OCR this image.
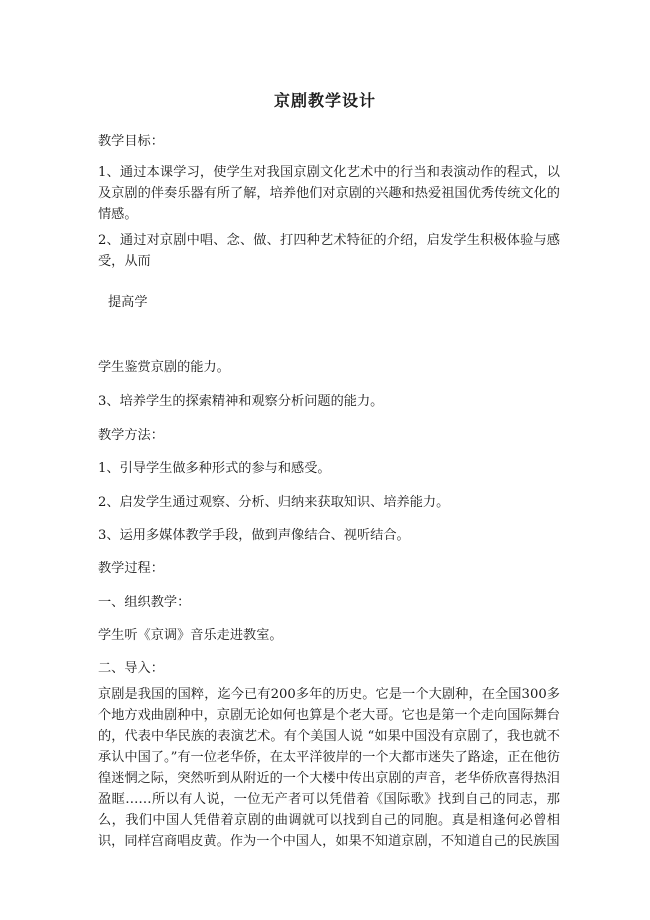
京剧教学设计

教学目标：

1、通过本课学习，使学生对我国京剧文化艺术中的行当和表演动作的程式，以及京剧的伴奏乐器有所了解，培养他们对京剧的兴趣和热爱祖国优秀传统文化的情感。

2、通过对京剧中唱、念、做、打四种艺术特征的介绍，启发学生积极体验与感受，从而

提高学

学生鉴赏京剧的能力。

3、培养学生的探索精神和观察分析问题的能力。

教学方法：

1、引导学生做多种形式的参与和感受。

2、启发学生通过观察、分析、归纳来获取知识、培养能力。

3、运用多媒体教学手段，做到声像结合、视听结合。

教学过程：

一、组织教学：

学生听《京调》音乐走进教室。

二、导入：

京剧是我国的国粹，迄今已有200多年的历史。它是一个大剧种，在全国300多个地方戏曲剧种中，京剧无论如何也算是个老大哥。它也是第一个走向国际舞台的，代表中华民族的表演艺术。有个美国人说 “如果中国没有京剧了，我也就不承认中国了。”有一位老华侨，在太平洋彼岸的一个大都市迷失了路途，正在他彷徨迷惘之际，突然听到从附近的一个大楼中传出京剧的声音，老华侨欣喜得热泪盈眶……所以有人说，一位无产者可以凭借着《国际歌》找到自己的同志，那么，我们中国人凭借着京剧的曲调就可以找到自己的同胞。真是相逢何必曾相识，同样宫商唱皮黄。作为一个中国人，如果不知道京剧，不知道自己的民族国
